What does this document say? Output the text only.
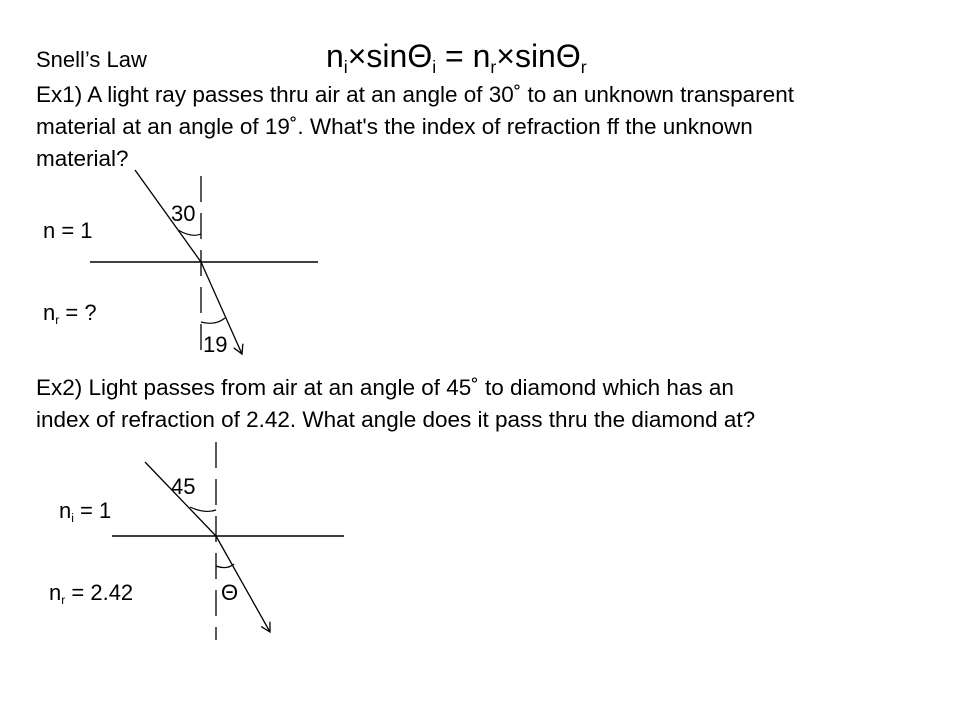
Snell’s Law	$n_i\times\sin\Theta_i = n_r\times\sin\Theta_r$
Ex1) A light ray passes thru air at an angle of 30˚ to an unknown transparent
material at an angle of 19˚. What's the index of refraction ff the unknown
material?
30
n = 1
$n_r$ = ?
19
Ex2) Light passes from air at an angle of 45˚ to diamond which has an
index of refraction of 2.42. What angle does it pass thru the diamond at?
45
$n_i = 1$
$n_r = 2.42$	Θ
